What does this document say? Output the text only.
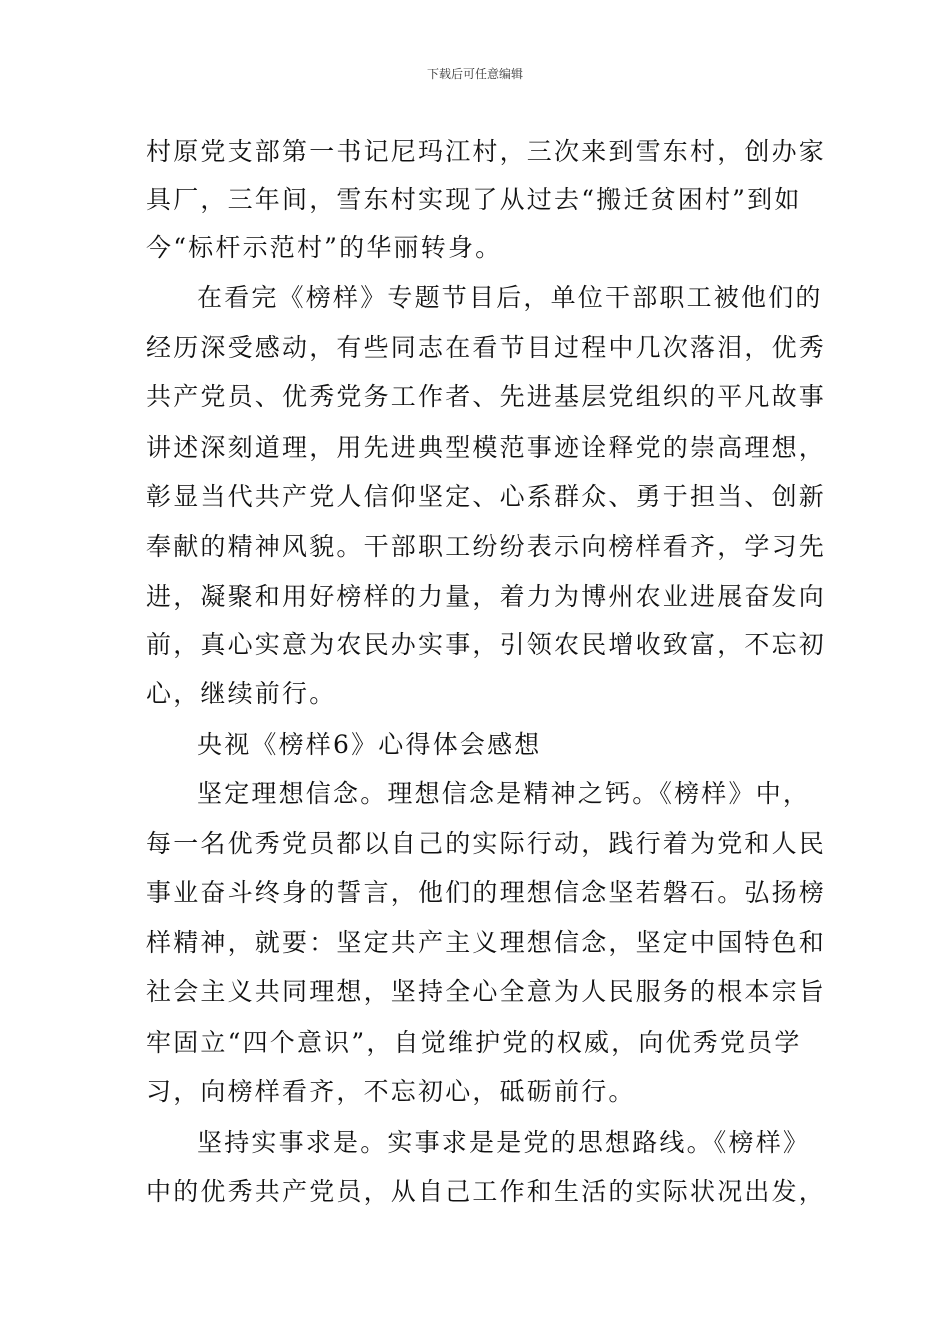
下载后可任意编辑
村原党支部第一书记尼玛江村，三次来到雪东村，创办家
具厂，三年间，雪东村实现了从过去“搬迁贫困村”到如
今“标杆示范村”的华丽转身。
在看完《榜样》专题节目后，单位干部职工被他们的
经历深受感动，有些同志在看节目过程中几次落泪，优秀
共产党员、优秀党务工作者、先进基层党组织的平凡故事
讲述深刻道理，用先进典型模范事迹诠释党的崇高理想，
彰显当代共产党人信仰坚定、心系群众、勇于担当、创新
奉献的精神风貌。干部职工纷纷表示向榜样看齐，学习先
进，凝聚和用好榜样的力量，着力为博州农业进展奋发向
前，真心实意为农民办实事，引领农民增收致富，不忘初
心，继续前行。
央视《榜样6》心得体会感想
坚定理想信念。理想信念是精神之钙。《榜样》中，
每一名优秀党员都以自己的实际行动，践行着为党和人民
事业奋斗终身的誓言，他们的理想信念坚若磐石。弘扬榜
样精神，就要：坚定共产主义理想信念，坚定中国特色和
社会主义共同理想，坚持全心全意为人民服务的根本宗旨
牢固立“四个意识”，自觉维护党的权威，向优秀党员学
习，向榜样看齐，不忘初心，砥砺前行。
坚持实事求是。实事求是是党的思想路线。《榜样》
中的优秀共产党员，从自己工作和生活的实际状况出发，
